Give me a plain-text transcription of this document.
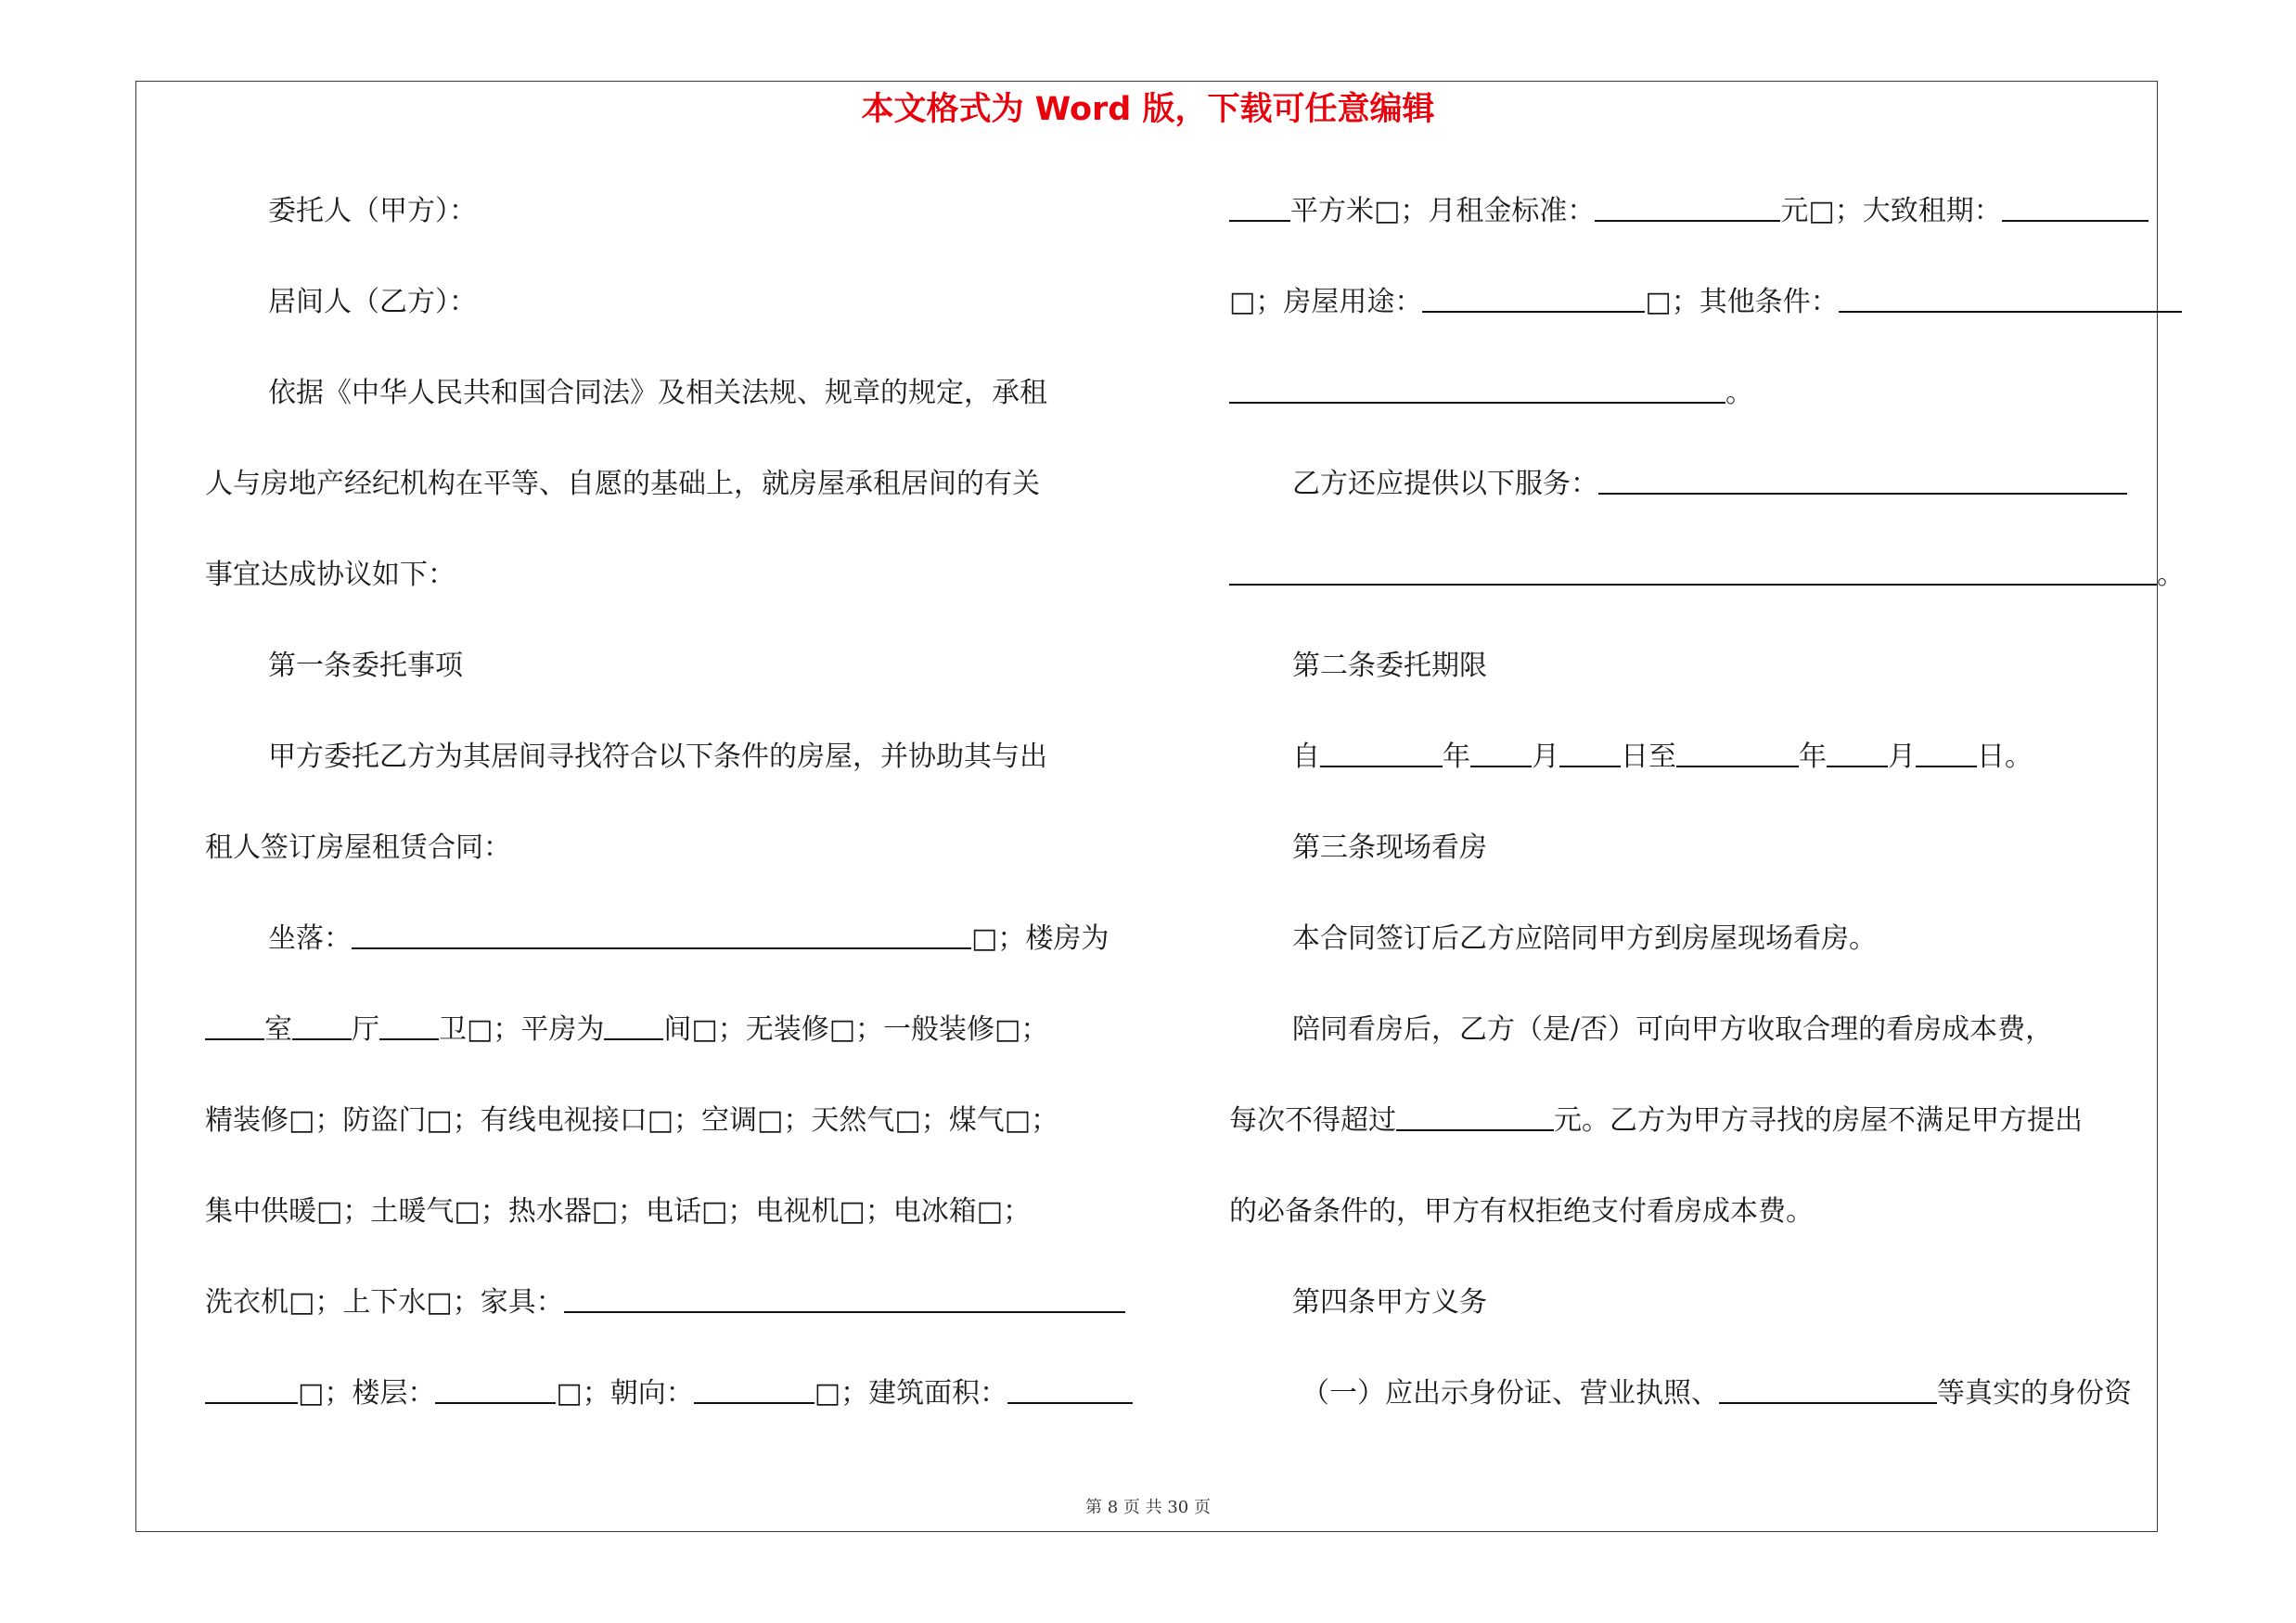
本文格式为 Word 版，下载可任意编辑
委托人（甲方）：
居间人（乙方）：
依据《中华人民共和国合同法》及相关法规、规章的规定，承租
人与房地产经纪机构在平等、自愿的基础上，就房屋承租居间的有关
事宜达成协议如下：
第一条委托事项
甲方委托乙方为其居间寻找符合以下条件的房屋，并协助其与出
租人签订房屋租赁合同：
坐落：	□；楼房为
室 厅 卫□；平房为 间□；无装修□；一般装修□；
精装修□；防盗门□；有线电视接口□；空调□；天然气□；煤气□；
集中供暖□；土暖气□；热水器□；电话□；电视机□；电冰箱□；
洗衣机□；上下水□；家具：
□；楼层：	□；朝向：	□；建筑面积：
平方米□；月租金标准：	元□；大致租期：
□；房屋用途：	□；其他条件：
。
乙方还应提供以下服务：
。
第二条委托期限
自	年 月 日至	年 月 日。
第三条现场看房
本合同签订后乙方应陪同甲方到房屋现场看房。
陪同看房后，乙方（是/否）可向甲方收取合理的看房成本费，
每次不得超过	元。乙方为甲方寻找的房屋不满足甲方提出
的必备条件的，甲方有权拒绝支付看房成本费。
第四条甲方义务
（一）应出示身份证、营业执照、	等真实的身份资
第 8 页 共 30 页
